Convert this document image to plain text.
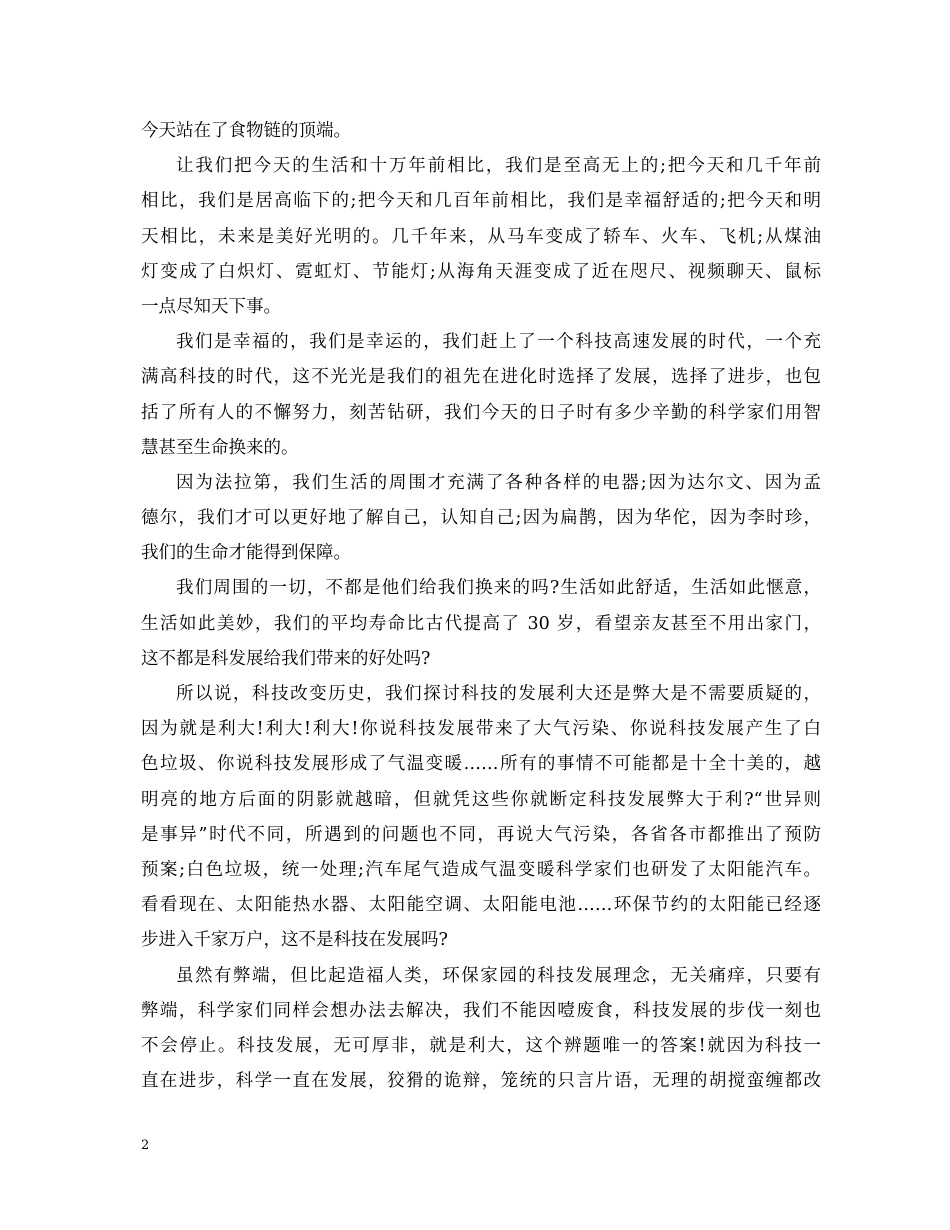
今天站在了食物链的顶端。
让我们把今天的生活和十万年前相比，我们是至高无上的;把今天和几千年前
相比，我们是居高临下的;把今天和几百年前相比，我们是幸福舒适的;把今天和明
天相比，未来是美好光明的。几千年来，从马车变成了轿车、火车、飞机;从煤油
灯变成了白炽灯、霓虹灯、节能灯;从海角天涯变成了近在咫尺、视频聊天、鼠标
一点尽知天下事。
我们是幸福的，我们是幸运的，我们赶上了一个科技高速发展的时代，一个充
满高科技的时代，这不光光是我们的祖先在进化时选择了发展，选择了进步，也包
括了所有人的不懈努力，刻苦钻研，我们今天的日子时有多少辛勤的科学家们用智
慧甚至生命换来的。
因为法拉第，我们生活的周围才充满了各种各样的电器;因为达尔文、因为孟
德尔，我们才可以更好地了解自己，认知自己;因为扁鹊，因为华佗，因为李时珍，
我们的生命才能得到保障。
我们周围的一切，不都是他们给我们换来的吗?生活如此舒适，生活如此惬意，
生活如此美妙，我们的平均寿命比古代提高了 30 岁，看望亲友甚至不用出家门，
这不都是科发展给我们带来的好处吗?
所以说，科技改变历史，我们探讨科技的发展利大还是弊大是不需要质疑的，
因为就是利大!利大!利大!你说科技发展带来了大气污染、你说科技发展产生了白
色垃圾、你说科技发展形成了气温变暖……所有的事情不可能都是十全十美的，越
明亮的地方后面的阴影就越暗，但就凭这些你就断定科技发展弊大于利?“世异则
是事异”时代不同，所遇到的问题也不同，再说大气污染，各省各市都推出了预防
预案;白色垃圾，统一处理;汽车尾气造成气温变暖科学家们也研发了太阳能汽车。
看看现在、太阳能热水器、太阳能空调、太阳能电池……环保节约的太阳能已经逐
步进入千家万户，这不是科技在发展吗?
虽然有弊端，但比起造福人类，环保家园的科技发展理念，无关痛痒，只要有
弊端，科学家们同样会想办法去解决，我们不能因噎废食，科技发展的步伐一刻也
不会停止。科技发展，无可厚非，就是利大，这个辨题唯一的答案!就因为科技一
直在进步，科学一直在发展，狡猾的诡辩，笼统的只言片语，无理的胡搅蛮缠都改
2
